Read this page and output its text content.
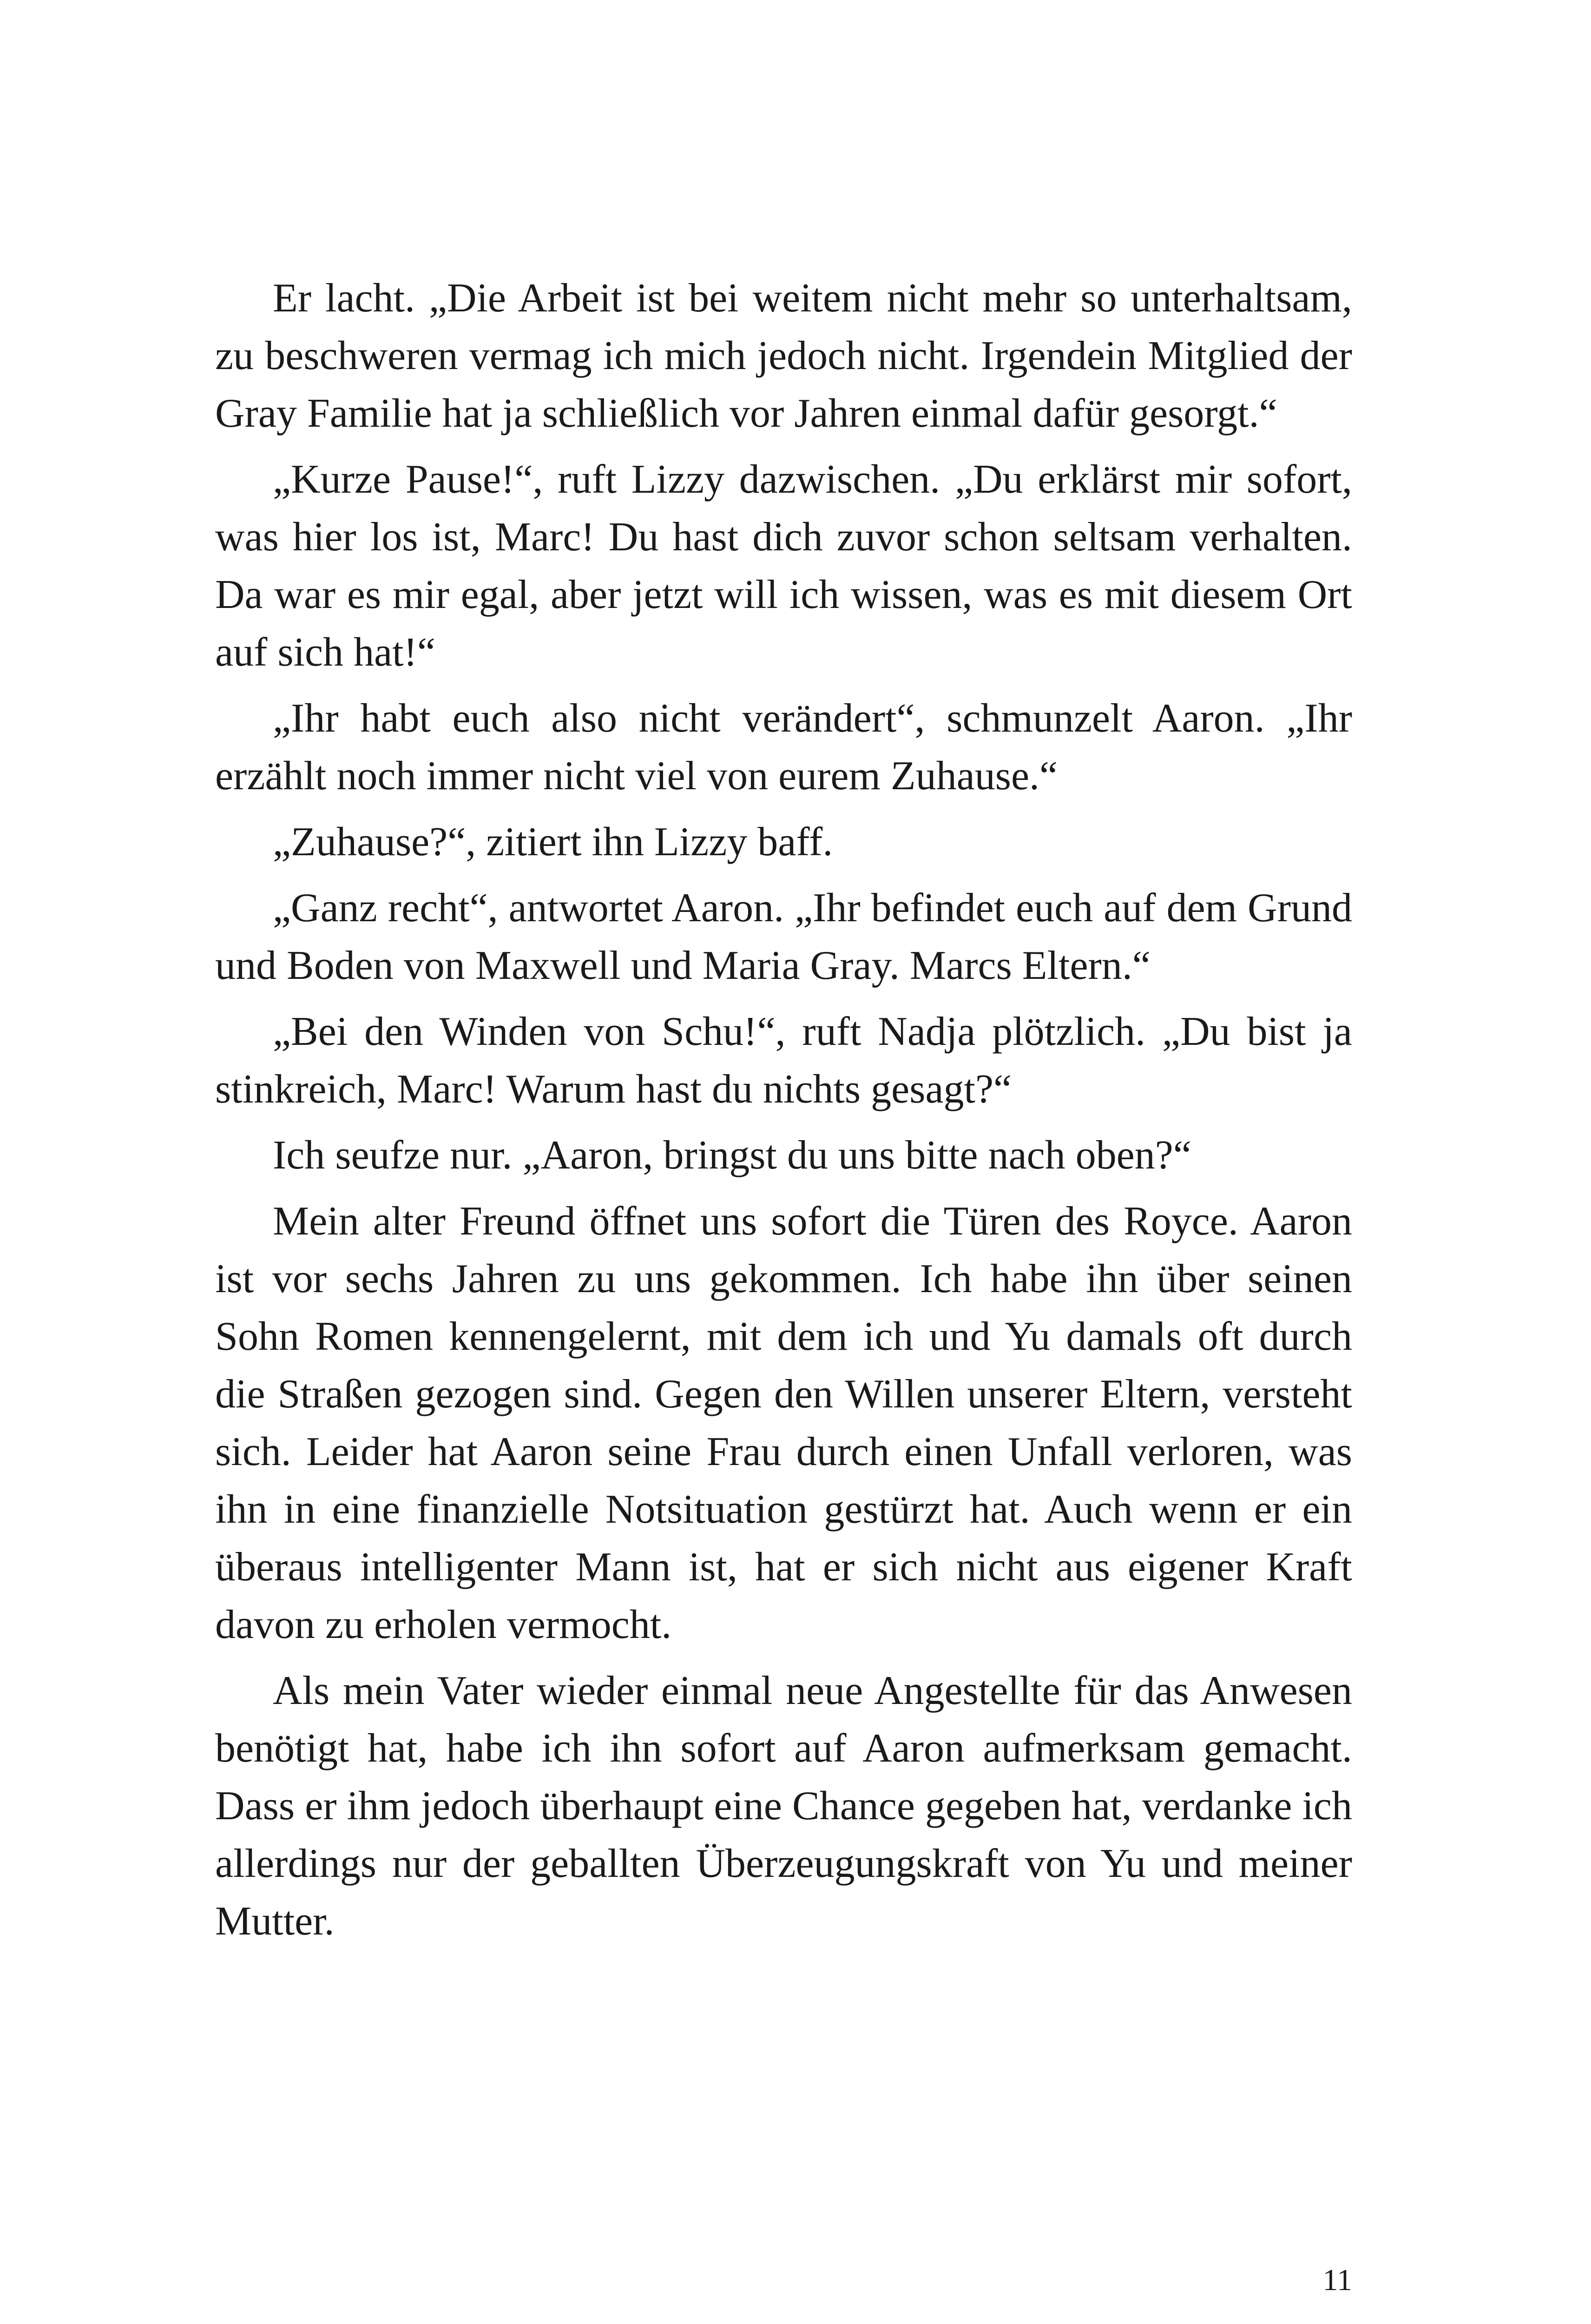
Er lacht. „Die Arbeit ist bei weitem nicht mehr so unterhaltsam, zu beschweren vermag ich mich jedoch nicht. Irgendein Mitglied der Gray Familie hat ja schließlich vor Jahren einmal dafür gesorgt.“

„Kurze Pause!“, ruft Lizzy dazwischen. „Du erklärst mir sofort, was hier los ist, Marc! Du hast dich zuvor schon seltsam verhalten. Da war es mir egal, aber jetzt will ich wissen, was es mit diesem Ort auf sich hat!“

„Ihr habt euch also nicht verändert“, schmunzelt Aaron. „Ihr erzählt noch immer nicht viel von eurem Zuhause.“

„Zuhause?“, zitiert ihn Lizzy baff.

„Ganz recht“, antwortet Aaron. „Ihr befindet euch auf dem Grund und Boden von Maxwell und Maria Gray. Marcs Eltern.“

„Bei den Winden von Schu!“, ruft Nadja plötzlich. „Du bist ja stinkreich, Marc! Warum hast du nichts gesagt?“

Ich seufze nur. „Aaron, bringst du uns bitte nach oben?“

Mein alter Freund öffnet uns sofort die Türen des Royce. Aaron ist vor sechs Jahren zu uns gekommen. Ich habe ihn über seinen Sohn Romen kennengelernt, mit dem ich und Yu damals oft durch die Straßen gezogen sind. Gegen den Willen unserer Eltern, versteht sich. Leider hat Aaron seine Frau durch einen Unfall verloren, was ihn in eine finanzielle Notsituation gestürzt hat. Auch wenn er ein überaus intelligenter Mann ist, hat er sich nicht aus eigener Kraft davon zu erholen vermocht.

Als mein Vater wieder einmal neue Angestellte für das Anwesen benötigt hat, habe ich ihn sofort auf Aaron aufmerksam gemacht. Dass er ihm jedoch überhaupt eine Chance gegeben hat, verdanke ich allerdings nur der geballten Überzeugungskraft von Yu und meiner Mutter.

11
